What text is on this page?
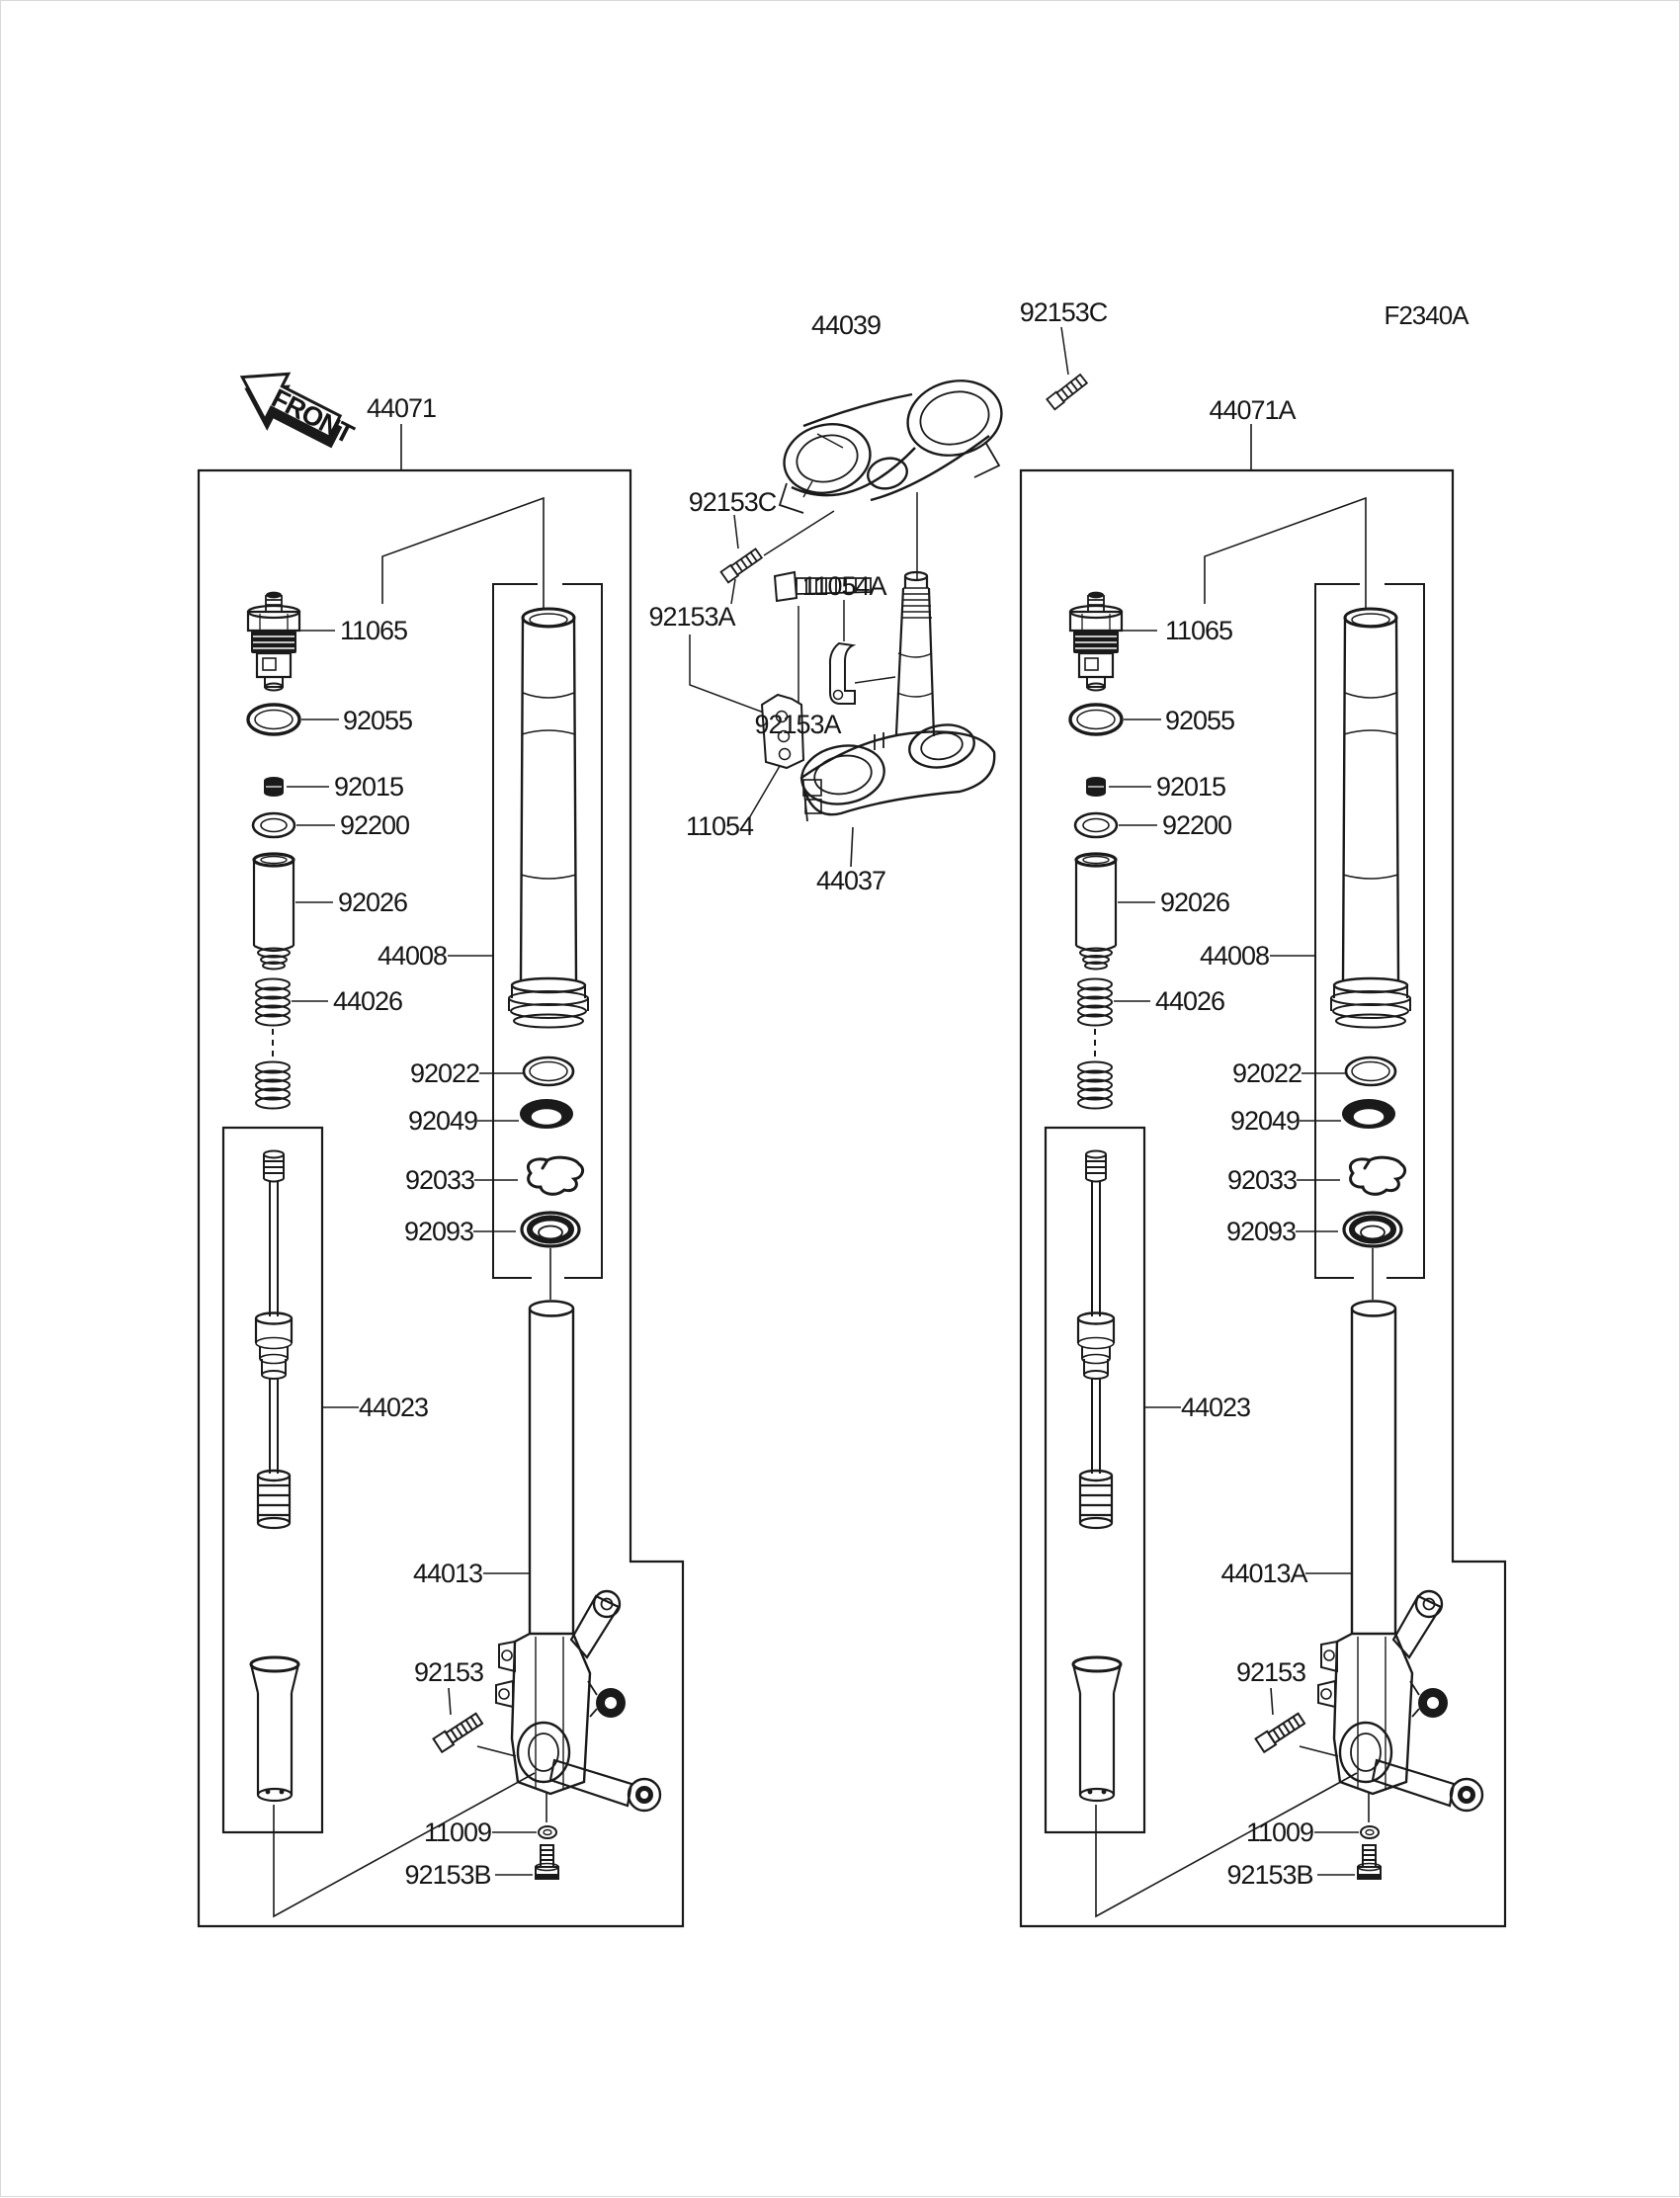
FRONT
F2340A
44039	92153C
92153C
92153A
11054A
92153A
11054
44037
44071
11065
92055
92015
92200
92026
44008
44026
92022
92049
92033
92093
44023
44013
92153
11009
92153B
44071A
11065
92055
92015
92200
92026
44008
44026
92022
92049
92033
92093
44023
44013A
92153
11009
92153B
